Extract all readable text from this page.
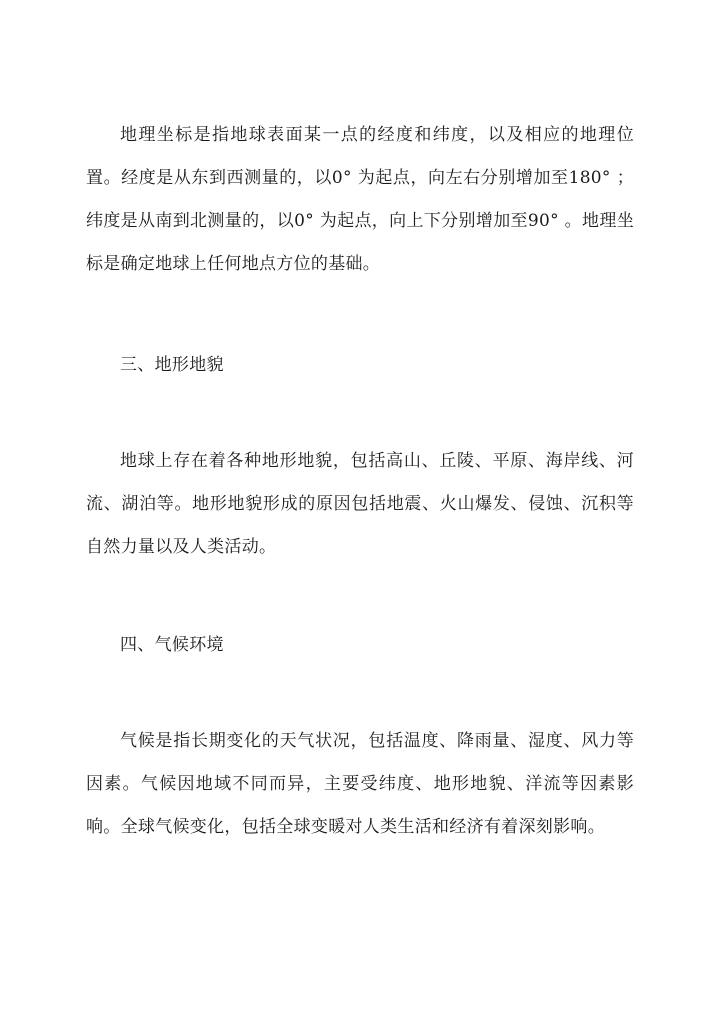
地理坐标是指地球表面某一点的经度和纬度，以及相应的地理位置。经度是从东到西测量的，以0° 为起点，向左右分别增加至180° ；纬度是从南到北测量的，以0° 为起点，向上下分别增加至90° 。地理坐标是确定地球上任何地点方位的基础。

三、地形地貌

地球上存在着各种地形地貌，包括高山、丘陵、平原、海岸线、河流、湖泊等。地形地貌形成的原因包括地震、火山爆发、侵蚀、沉积等自然力量以及人类活动。

四、气候环境

气候是指长期变化的天气状况，包括温度、降雨量、湿度、风力等因素。气候因地域不同而异，主要受纬度、地形地貌、洋流等因素影响。全球气候变化，包括全球变暖对人类生活和经济有着深刻影响。
